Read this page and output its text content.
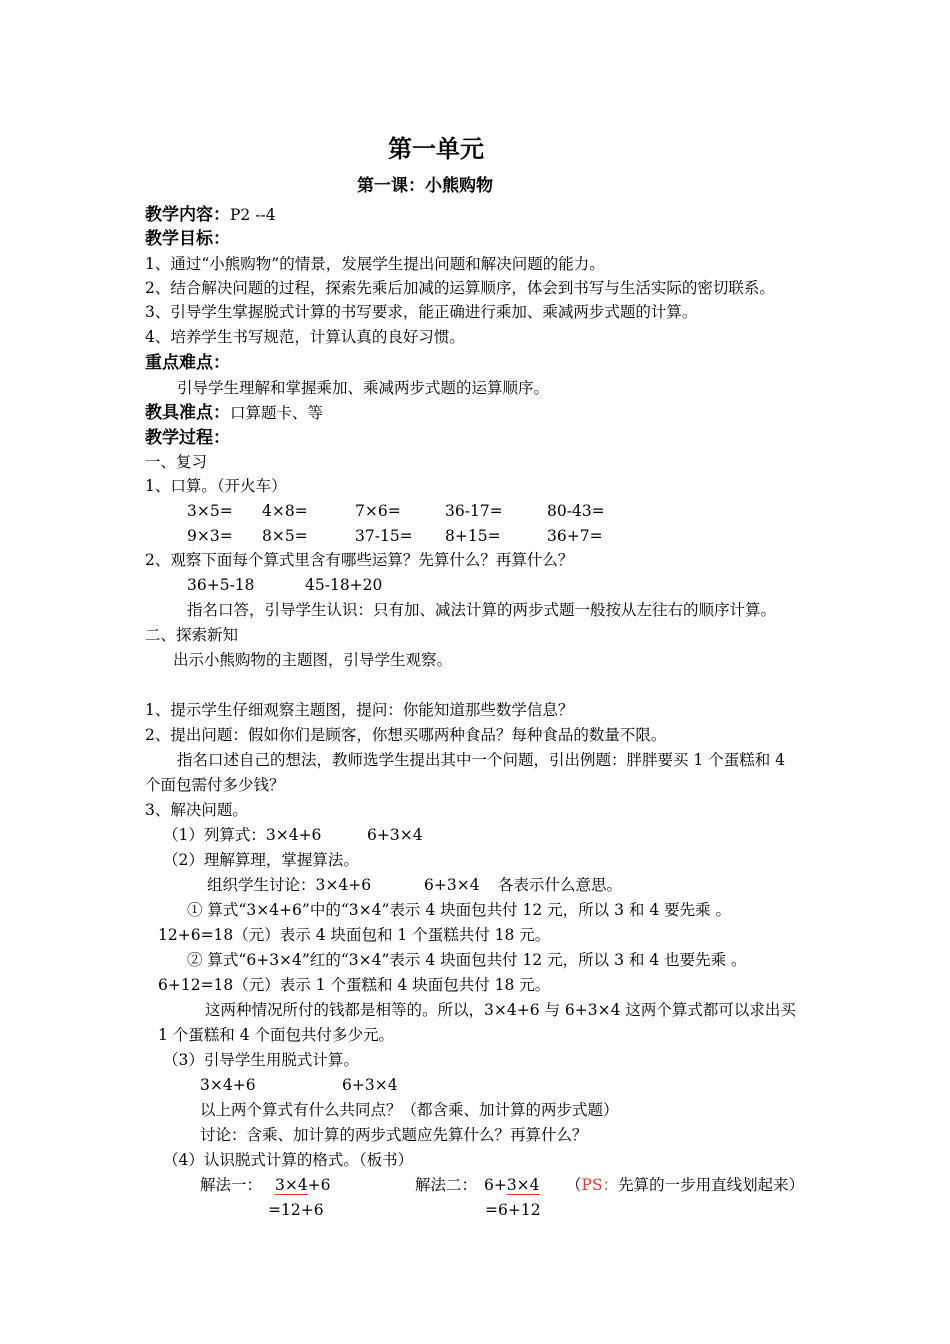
第一单元
第一课：小熊购物
教学内容：P2 --4
教学目标：
1、通过“小熊购物”的情景，发展学生提出问题和解决问题的能力。
2、结合解决问题的过程，探索先乘后加减的运算顺序，体会到书写与生活实际的密切联系。
3、引导学生掌握脱式计算的书写要求，能正确进行乘加、乘减两步式题的计算。
4、培养学生书写规范，计算认真的良好习惯。
重点难点：
引导学生理解和掌握乘加、乘减两步式题的运算顺序。
教具准点：口算题卡、等
教学过程：
一、复习
1、口算。（开火车）
3×5= 4×8=	7×6=	36-17=	80-43=
9×3= 8×5=	37-15= 8+15=	36+7=
2、观察下面每个算式里含有哪些运算？先算什么？再算什么？
36+5-18	45-18+20
指名口答，引导学生认识：只有加、减法计算的两步式题一般按从左往右的顺序计算。
二、探索新知
出示小熊购物的主题图，引导学生观察。
1、提示学生仔细观察主题图，提问：你能知道那些数学信息？
2、提出问题：假如你们是顾客，你想买哪两种食品？每种食品的数量不限。
指名口述自己的想法，教师选学生提出其中一个问题，引出例题：胖胖要买 1 个蛋糕和 4
个面包需付多少钱？
3、解决问题。
（1）列算式：3×4+6	6+3×4
（2）理解算理，掌握算法。
组织学生讨论：3×4+6	6+3×4 各表示什么意思。
① 算式“3×4+6”中的“3×4”表示 4 块面包共付 12 元，所以 3 和 4 要先乘 。
12+6=18（元）表示 4 块面包和 1 个蛋糕共付 18 元。
② 算式“6+3×4”红的“3×4”表示 4 块面包共付 12 元，所以 3 和 4 也要先乘 。
6+12=18（元）表示 1 个蛋糕和 4 块面包共付 18 元。
这两种情况所付的钱都是相等的。所以，3×4+6 与 6+3×4 这两个算式都可以求出买
1 个蛋糕和 4 个面包共付多少元。
（3）引导学生用脱式计算。
3×4+6	6+3×4
以上两个算式有什么共同点？（都含乘、加计算的两步式题）
讨论：含乘、加计算的两步式题应先算什么？再算什么？
（4）认识脱式计算的格式。（板书）
解法一： 3×4+6
=12+6
解法二： 6+3×4
=6+12
（PS：先算的一步用直线划起来）
